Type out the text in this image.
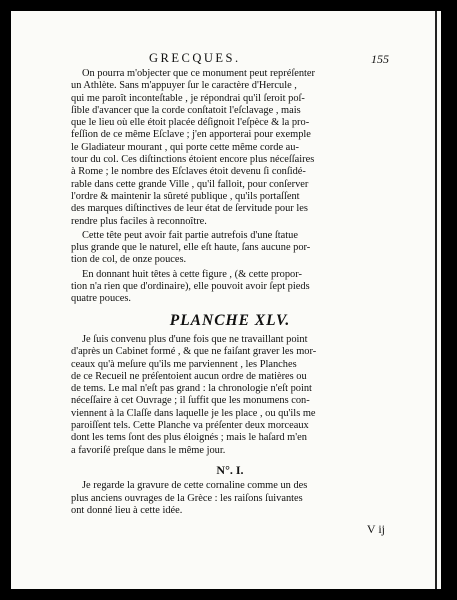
GRECQUES.	155

On pourra m'objecter que ce monument peut repréſenter
un Athlète. Sans m'appuyer ſur le caractère d'Hercule ,
qui me paroît inconteſtable , je répondrai qu'il ſeroit poſ-
ſible d'avancer que la corde conſtatoit l'eſclavage , mais
que le lieu où elle étoit placée déſignoit l'eſpèce & la pro-
feſſion de ce même Eſclave ; j'en apporterai pour exemple
le Gladiateur mourant , qui porte cette même corde au-
tour du col. Ces diſtinctions étoient encore plus néceſſaires
à Rome ; le nombre des Eſclaves étoit devenu ſi conſidé-
rable dans cette grande Ville , qu'il falloit, pour conſerver
l'ordre & maintenir la sûreté publique , qu'ils portaſſent
des marques diſtinctives de leur état de ſervitude pour les
rendre plus faciles à reconnoître.

Cette tête peut avoir fait partie autrefois d'une ſtatue
plus grande que le naturel, elle eſt haute, ſans aucune por-
tion de col, de onze pouces.

En donnant huit têtes à cette figure , (& cette propor-
tion n'a rien que d'ordinaire), elle pouvoit avoir ſept pieds
quatre pouces.

PLANCHE XLV.

Je ſuis convenu plus d'une fois que ne travaillant point
d'après un Cabinet formé , & que ne faiſant graver les mor-
ceaux qu'à meſure qu'ils me parviennent , les Planches
de ce Recueil ne préſentoient aucun ordre de matières ou
de tems. Le mal n'eſt pas grand : la chronologie n'eſt point
néceſſaire à cet Ouvrage ; il ſuffit que les monumens con-
viennent à la Claſſe dans laquelle je les place , ou qu'ils me
paroiſſent tels. Cette Planche va préſenter deux morceaux
dont les tems ſont des plus éloignés ; mais le haſard m'en
a favoriſé preſque dans le même jour.

N°. I.

Je regarde la gravure de cette cornaline comme un des
plus anciens ouvrages de la Grèce : les raiſons ſuivantes
ont donné lieu à cette idée.

V ij
